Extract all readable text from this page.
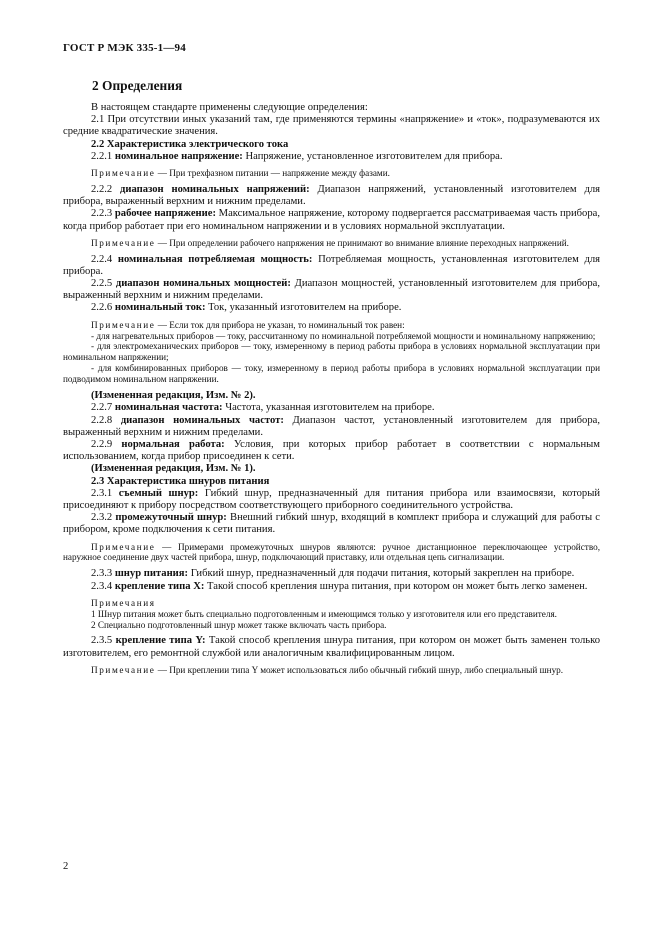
ГОСТ Р МЭК 335-1—94
2 Определения

В настоящем стандарте применены следующие определения:

2.1 При отсутствии иных указаний там, где применяются термины «напряжение» и «ток», подразумеваются их средние квадратические значения.

2.2 Характеристика электрического тока

2.2.1 номинальное напряжение: Напряжение, установленное изготовителем для прибора.

Примечание — При трехфазном питании — напряжение между фазами.

2.2.2 диапазон номинальных напряжений: Диапазон напряжений, установленный изготовителем для прибора, выраженный верхним и нижним пределами.

2.2.3 рабочее напряжение: Максимальное напряжение, которому подвергается рассматриваемая часть прибора, когда прибор работает при его номинальном напряжении и в условиях нормальной эксплуатации.

Примечание — При определении рабочего напряжения не принимают во внимание влияние переходных напряжений.

2.2.4 номинальная потребляемая мощность: Потребляемая мощность, установленная изготовителем для прибора.

2.2.5 диапазон номинальных мощностей: Диапазон мощностей, установленный изготовителем для прибора, выраженный верхним и нижним пределами.

2.2.6 номинальный ток: Ток, указанный изготовителем на приборе.

Примечание — Если ток для прибора не указан, то номинальный ток равен:

- для нагревательных приборов — току, рассчитанному по номинальной потребляемой мощности и номинальному напряжению;

- для электромеханических приборов — току, измеренному в период работы прибора в условиях нормальной эксплуатации при номинальном напряжении;

- для комбинированных приборов — току, измеренному в период работы прибора в условиях нормальной эксплуатации при подводимом номинальном напряжении.

(Измененная редакция, Изм. № 2).

2.2.7 номинальная частота: Частота, указанная изготовителем на приборе.

2.2.8 диапазон номинальных частот: Диапазон частот, установленный изготовителем для прибора, выраженный верхним и нижним пределами.

2.2.9 нормальная работа: Условия, при которых прибор работает в соответствии с нормальным использованием, когда прибор присоединен к сети.

(Измененная редакция, Изм. № 1).

2.3 Характеристика шнуров питания

2.3.1 съемный шнур: Гибкий шнур, предназначенный для питания прибора или взаимосвязи, который присоединяют к прибору посредством соответствующего приборного соединительного устройства.

2.3.2 промежуточный шнур: Внешний гибкий шнур, входящий в комплект прибора и служащий для работы с прибором, кроме подключения к сети питания.

Примечание — Примерами промежуточных шнуров являются: ручное дистанционное переключающее устройство, наружное соединение двух частей прибора, шнур, подключающий приставку, или отдельная цепь сигнализации.

2.3.3 шнур питания: Гибкий шнур, предназначенный для подачи питания, который закреплен на приборе.

2.3.4 крепление типа X: Такой способ крепления шнура питания, при котором он может быть легко заменен.

Примечания

1 Шнур питания может быть специально подготовленным и имеющимся только у изготовителя или его представителя.

2 Специально подготовленный шнур может также включать часть прибора.

2.3.5 крепление типа Y: Такой способ крепления шнура питания, при котором он может быть заменен только изготовителем, его ремонтной службой или аналогичным квалифицированным лицом.

Примечание — При креплении типа Y может использоваться либо обычный гибкий шнур, либо специальный шнур.

2
